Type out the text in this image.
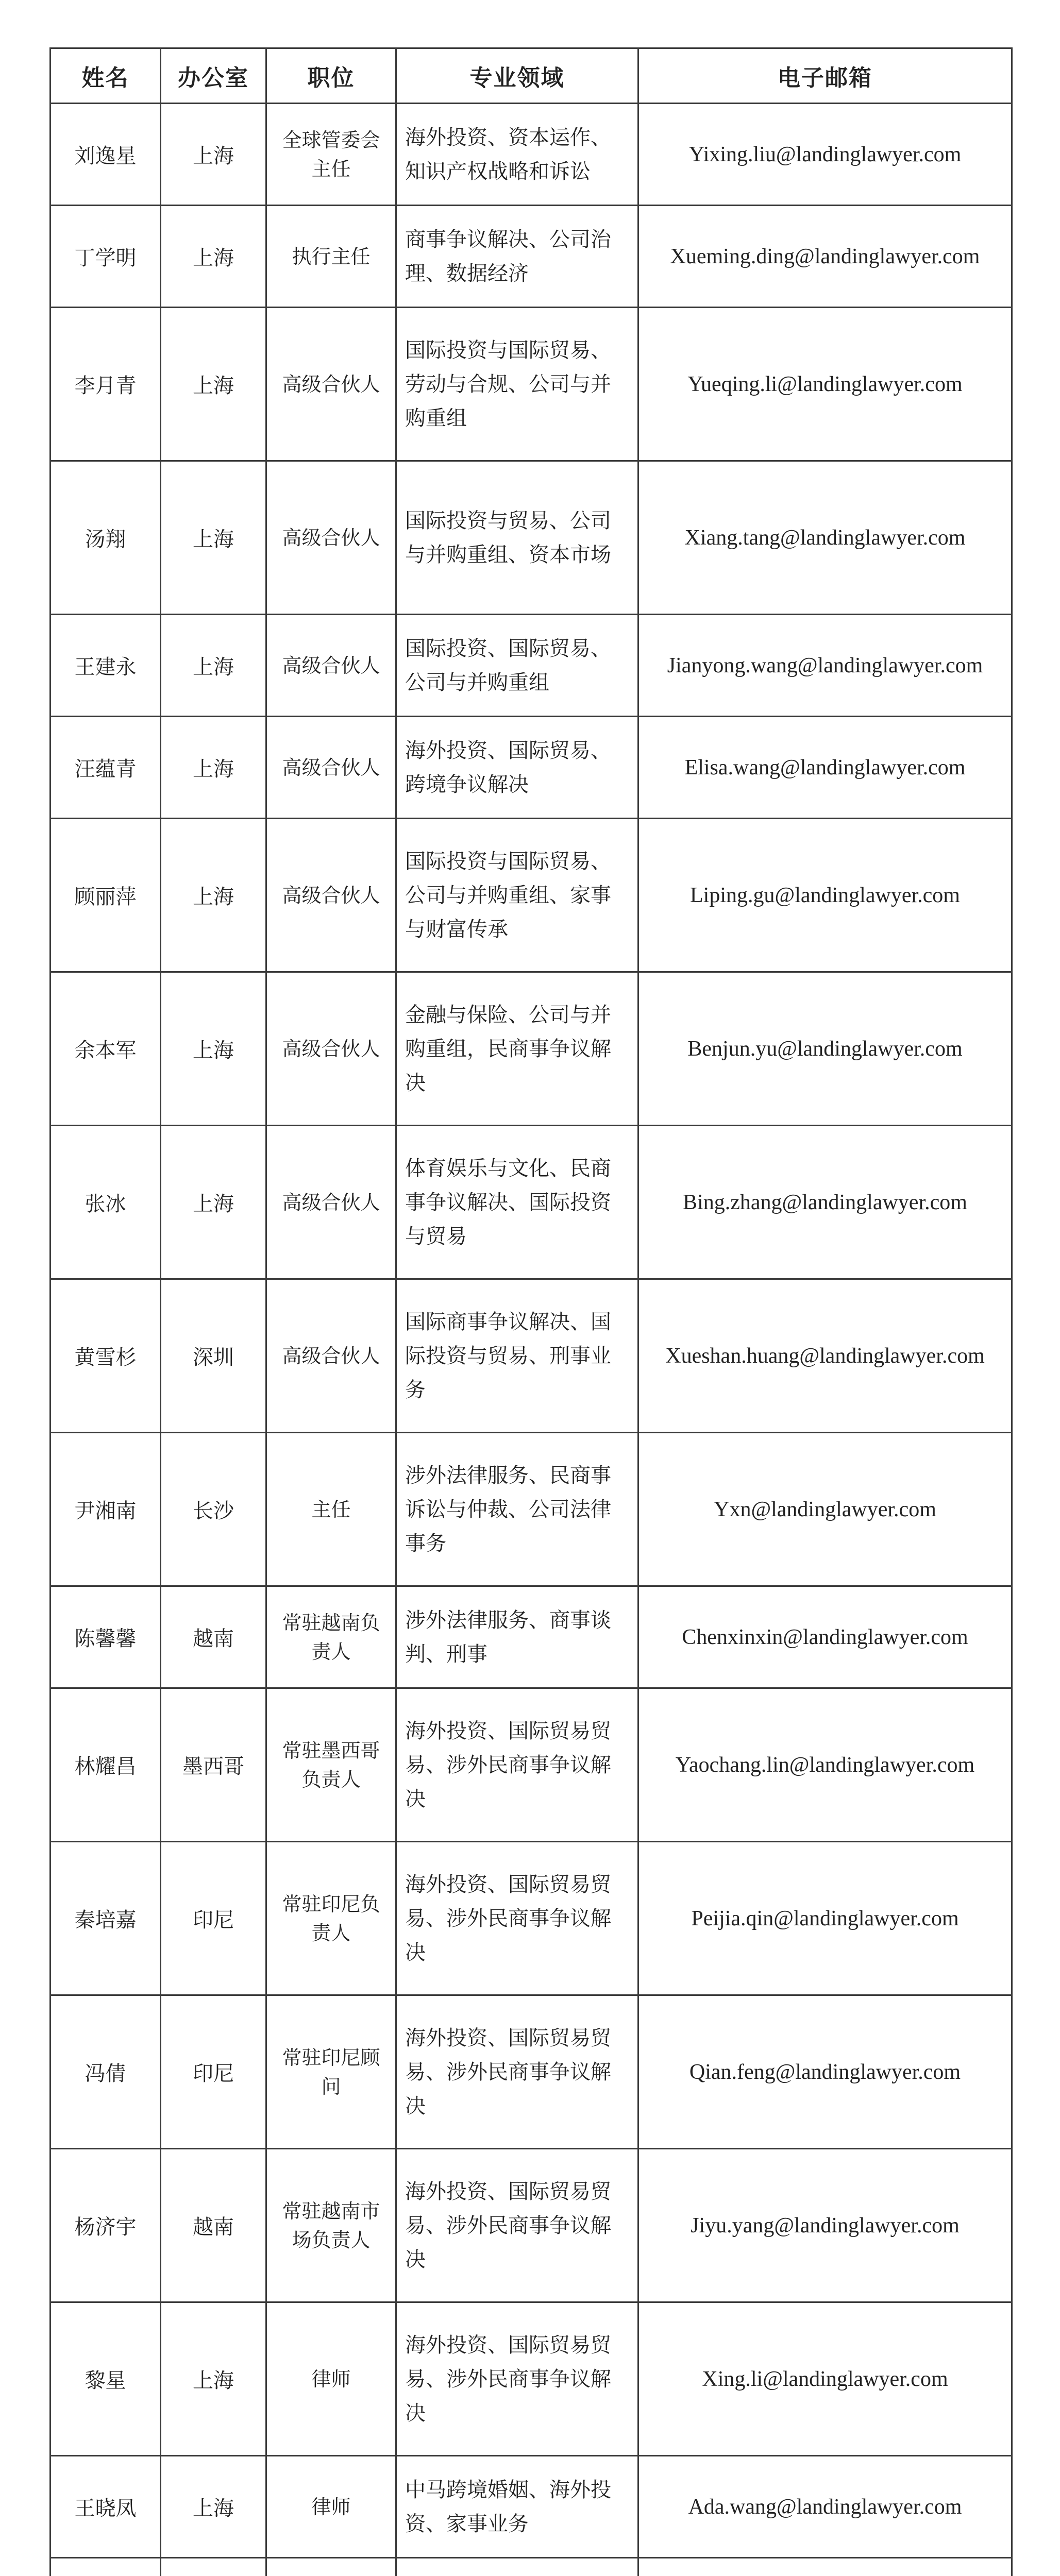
姓名	办公室	职位	专业领域	电子邮箱
刘逸星	上海	全球管委会主任	海外投资、资本运作、知识产权战略和诉讼	Yixing.liu@landinglawyer.com
丁学明	上海	执行主任	商事争议解决、公司治理、数据经济	Xueming.ding@landinglawyer.com
李月青	上海	高级合伙人	国际投资与国际贸易、劳动与合规、公司与并购重组	Yueqing.li@landinglawyer.com
汤翔	上海	高级合伙人	国际投资与贸易、公司与并购重组、资本市场	Xiang.tang@landinglawyer.com
王建永	上海	高级合伙人	国际投资、国际贸易、公司与并购重组	Jianyong.wang@landinglawyer.com
汪蕴青	上海	高级合伙人	海外投资、国际贸易、跨境争议解决	Elisa.wang@landinglawyer.com
顾丽萍	上海	高级合伙人	国际投资与国际贸易、公司与并购重组、家事与财富传承	Liping.gu@landinglawyer.com
余本军	上海	高级合伙人	金融与保险、公司与并购重组，民商事争议解决	Benjun.yu@landinglawyer.com
张冰	上海	高级合伙人	体育娱乐与文化、民商事争议解决、国际投资与贸易	Bing.zhang@landinglawyer.com
黄雪杉	深圳	高级合伙人	国际商事争议解决、国际投资与贸易、刑事业务	Xueshan.huang@landinglawyer.com
尹湘南	长沙	主任	涉外法律服务、民商事诉讼与仲裁、公司法律事务	Yxn@landinglawyer.com
陈馨馨	越南	常驻越南负责人	涉外法律服务、商事谈判、刑事	Chenxinxin@landinglawyer.com
林耀昌	墨西哥	常驻墨西哥负责人	海外投资、国际贸易贸易、涉外民商事争议解决	Yaochang.lin@landinglawyer.com
秦培嘉	印尼	常驻印尼负责人	海外投资、国际贸易贸易、涉外民商事争议解决	Peijia.qin@landinglawyer.com
冯倩	印尼	常驻印尼顾问	海外投资、国际贸易贸易、涉外民商事争议解决	Qian.feng@landinglawyer.com
杨济宇	越南	常驻越南市场负责人	海外投资、国际贸易贸易、涉外民商事争议解决	Jiyu.yang@landinglawyer.com
黎星	上海	律师	海外投资、国际贸易贸易、涉外民商事争议解决	Xing.li@landinglawyer.com
王晓凤	上海	律师	中马跨境婚姻、海外投资、家事业务	Ada.wang@landinglawyer.com
